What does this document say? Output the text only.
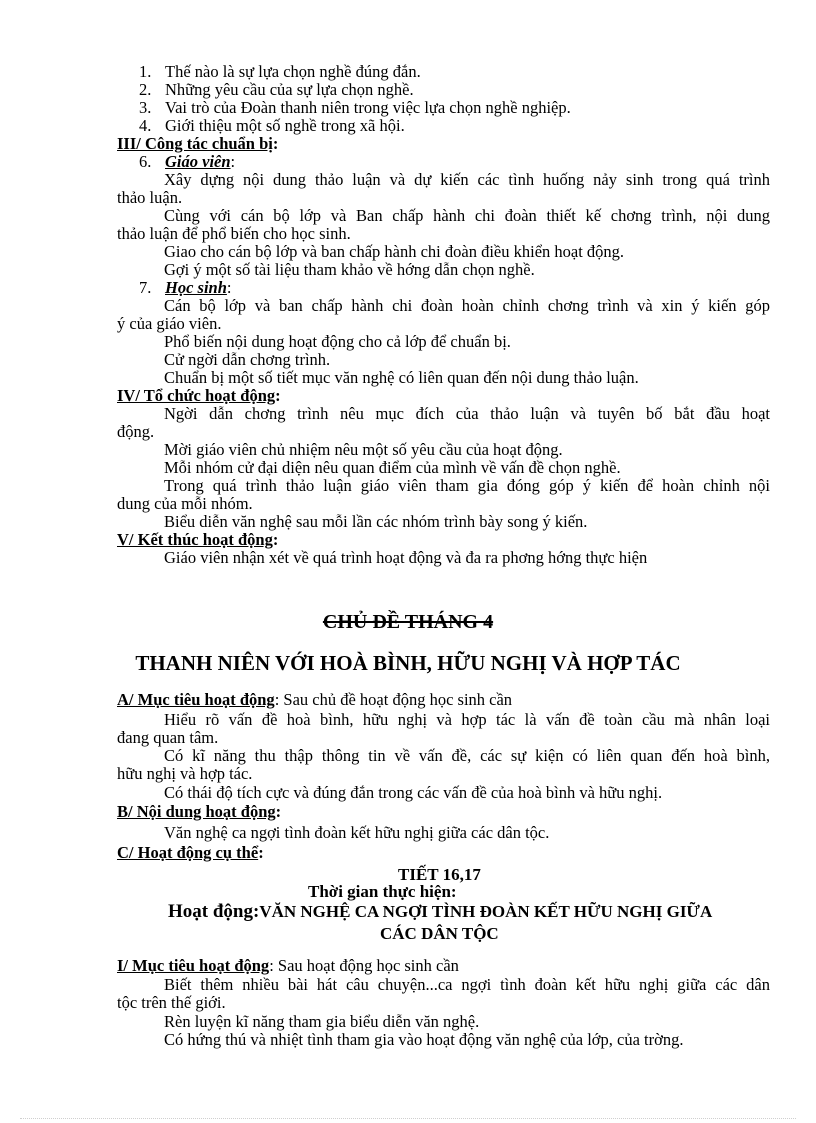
1. Thế nào là sự lựa chọn nghề đúng đắn.
2. Những yêu cầu của sự lựa chọn nghề.
3. Vai trò của Đoàn thanh niên trong việc lựa chọn nghề nghiệp.
4. Giới thiệu một số nghề trong xã hội.
III/ Công tác chuẩn bị:
6. Giáo viên:
Xây dựng nội dung thảo luận và dự kiến các tình huống nảy sinh trong quá trình
thảo luận.
Cùng với cán bộ lớp và Ban chấp hành chi đoàn thiết kế chơng trình, nội dung
thảo luận để phổ biến cho học sinh.
Giao cho cán bộ lớp và ban chấp hành chi đoàn điều khiển hoạt động.
Gợi ý một số tài liệu tham khảo về hớng dẫn chọn nghề.
7. Học sinh:
Cán bộ lớp và ban chấp hành chi đoàn hoàn chỉnh chơng trình và xin ý kiến góp
ý của giáo viên.
Phổ biến nội dung hoạt động cho cả lớp để chuẩn bị.
Cử ngời dẫn chơng trình.
Chuẩn bị một số tiết mục văn nghệ có liên quan đến nội dung thảo luận.
IV/ Tổ chức hoạt động:
Ngời dẫn chơng trình nêu mục đích của thảo luận và tuyên bố bắt đầu hoạt
động.
Mời giáo viên chủ nhiệm nêu một số yêu cầu của hoạt động.
Mỗi nhóm cử đại diện nêu quan điểm của mình về vấn đề chọn nghề.
Trong quá trình thảo luận giáo viên tham gia đóng góp ý kiến để hoàn chỉnh nội
dung của mỗi nhóm.
Biểu diễn văn nghệ sau mỗi lần các nhóm trình bày song ý kiến.
V/ Kết thúc hoạt động:
Giáo viên nhận xét về quá trình hoạt động và đa ra phơng hớng thực hiện
CHỦ ĐỀ THÁNG 4
THANH NIÊN VỚI HOÀ BÌNH, HỮU NGHỊ VÀ HỢP TÁC
A/ Mục tiêu hoạt động: Sau chủ đề hoạt động học sinh cần
Hiểu rõ vấn đề hoà bình, hữu nghị và hợp tác là vấn đề toàn cầu mà nhân loại
đang quan tâm.
Có kĩ năng thu thập thông tin về vấn đề, các sự kiện có liên quan đến hoà bình,
hữu nghị và hợp tác.
Có thái độ tích cực và đúng đắn trong các vấn đề của hoà bình và hữu nghị.
B/ Nội dung hoạt động:
Văn nghệ ca ngợi tình đoàn kết hữu nghị giữa các dân tộc.
C/ Hoạt động cụ thể:
TIẾT 16,17
Thời gian thực hiện:
Hoạt động:VĂN NGHỆ CA NGỢI TÌNH ĐOÀN KẾT HỮU NGHỊ GIỮA
CÁC DÂN TỘC
I/ Mục tiêu hoạt động: Sau hoạt động học sinh cần
Biết thêm nhiều bài hát câu chuyện...ca ngợi tình đoàn kết hữu nghị giữa các dân
tộc trên thế giới.
Rèn luyện kĩ năng tham gia biểu diễn văn nghệ.
Có hứng thú và nhiệt tình tham gia vào hoạt động văn nghệ của lớp, của trờng.
